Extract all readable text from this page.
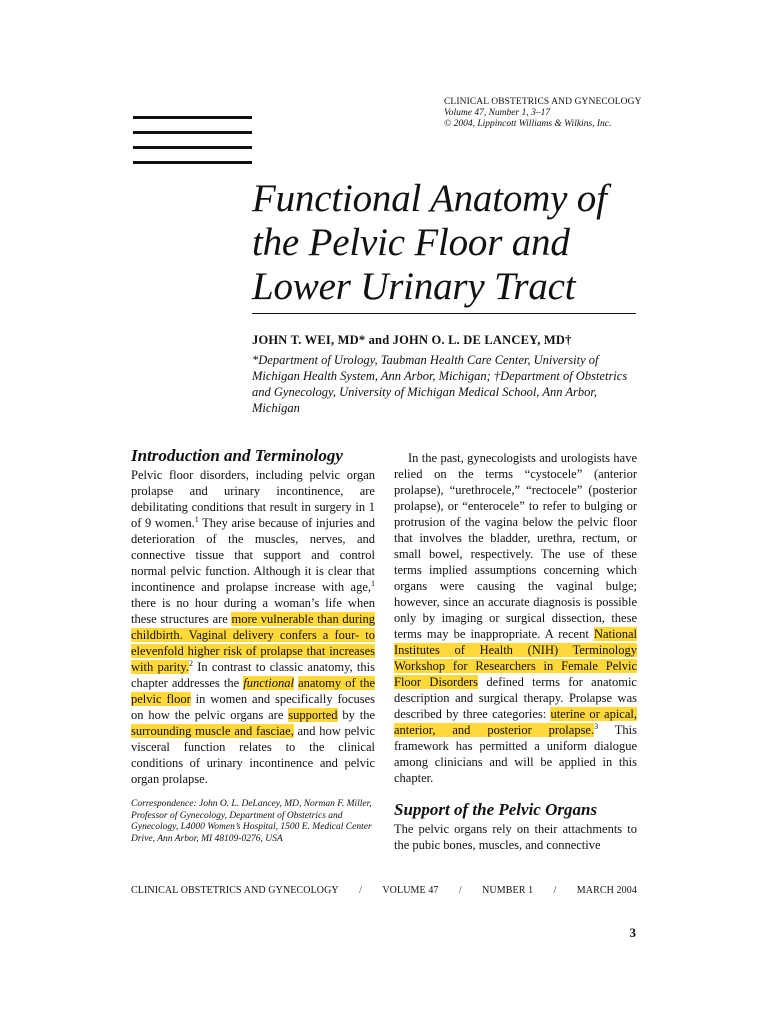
CLINICAL OBSTETRICS AND GYNECOLOGY
Volume 47, Number 1, 3–17
© 2004, Lippincott Williams & Wilkins, Inc.
Functional Anatomy of
the Pelvic Floor and
Lower Urinary Tract
JOHN T. WEI, MD* and JOHN O. L. DE LANCEY, MD†
*Department of Urology, Taubman Health Care Center, University of Michigan Health System, Ann Arbor, Michigan; †Department of Obstetrics and Gynecology, University of Michigan Medical School, Ann Arbor, Michigan
Introduction and Terminology

Pelvic floor disorders, including pelvic organ prolapse and urinary incontinence, are debilitating conditions that result in surgery in 1 of 9 women.$^1$ They arise because of injuries and deterioration of the muscles, nerves, and connective tissue that support and control normal pelvic function. Although it is clear that incontinence and prolapse increase with age,$^1$ there is no hour during a woman’s life when these structures are more vulnerable than during childbirth. Vaginal delivery confers a four- to elevenfold higher risk of prolapse that increases with parity.$^2$ In contrast to classic anatomy, this chapter addresses the functional anatomy of the pelvic floor in women and specifically focuses on how the pelvic organs are supported by the surrounding muscle and fasciae, and how pelvic visceral function relates to the clinical conditions of urinary incontinence and pelvic organ prolapse.

Correspondence: John O. L. DeLancey, MD, Norman F. Miller, Professor of Gynecology, Department of Obstetrics and Gynecology, L4000 Women’s Hospital, 1500 E. Medical Center Drive, Ann Arbor, MI 48109-0276, USA

In the past, gynecologists and urologists have relied on the terms “cystocele” (anterior prolapse), “urethrocele,” “rectocele” (posterior prolapse), or “enterocele” to refer to bulging or protrusion of the vagina below the pelvic floor that involves the bladder, urethra, rectum, or small bowel, respectively. The use of these terms implied assumptions concerning which organs were causing the vaginal bulge; however, since an accurate diagnosis is possible only by imaging or surgical dissection, these terms may be inappropriate. A recent National Institutes of Health (NIH) Terminology Workshop for Researchers in Female Pelvic Floor Disorders defined terms for anatomic description and surgical therapy. Prolapse was described by three categories: uterine or apical, anterior, and posterior prolapse.$^3$ This framework has permitted a uniform dialogue among clinicians and will be applied in this chapter.

Support of the Pelvic Organs

The pelvic organs rely on their attachments to the pubic bones, muscles, and connective

CLINICAL OBSTETRICS AND GYNECOLOGY / VOLUME 47 / NUMBER 1 / MARCH 2004
3
